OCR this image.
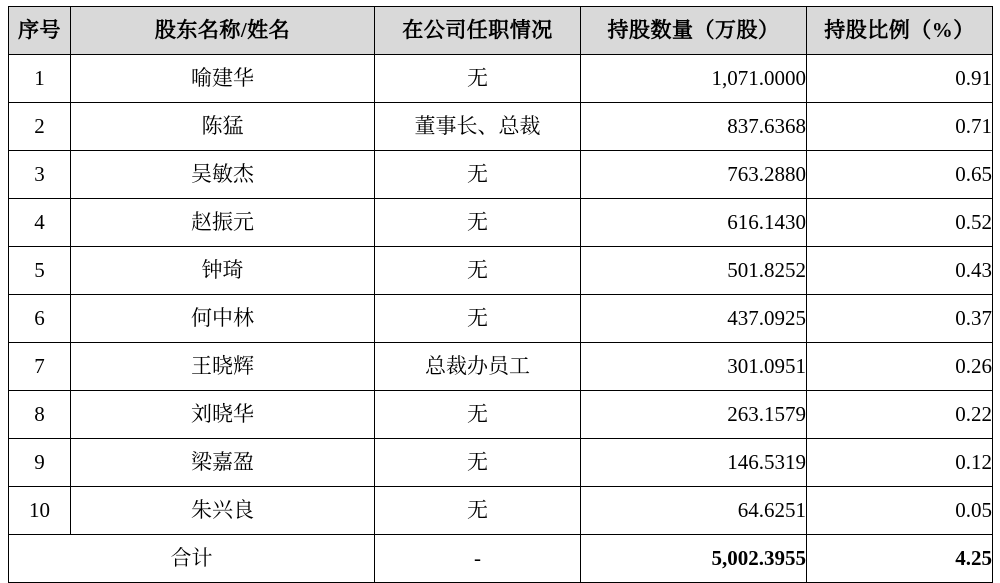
序号	股东名称/姓名	在公司任职情况	持股数量（万股）	持股比例（%）
1	喻建华	无	1,071.0000	0.91
2	陈猛	董事长、总裁	837.6368	0.71
3	吴敏杰	无	763.2880	0.65
4	赵振元	无	616.1430	0.52
5	钟琦	无	501.8252	0.43
6	何中林	无	437.0925	0.37
7	王晓辉	总裁办员工	301.0951	0.26
8	刘晓华	无	263.1579	0.22
9	梁嘉盈	无	146.5319	0.12
10	朱兴良	无	64.6251	0.05
合计		-	5,002.3955	4.25
